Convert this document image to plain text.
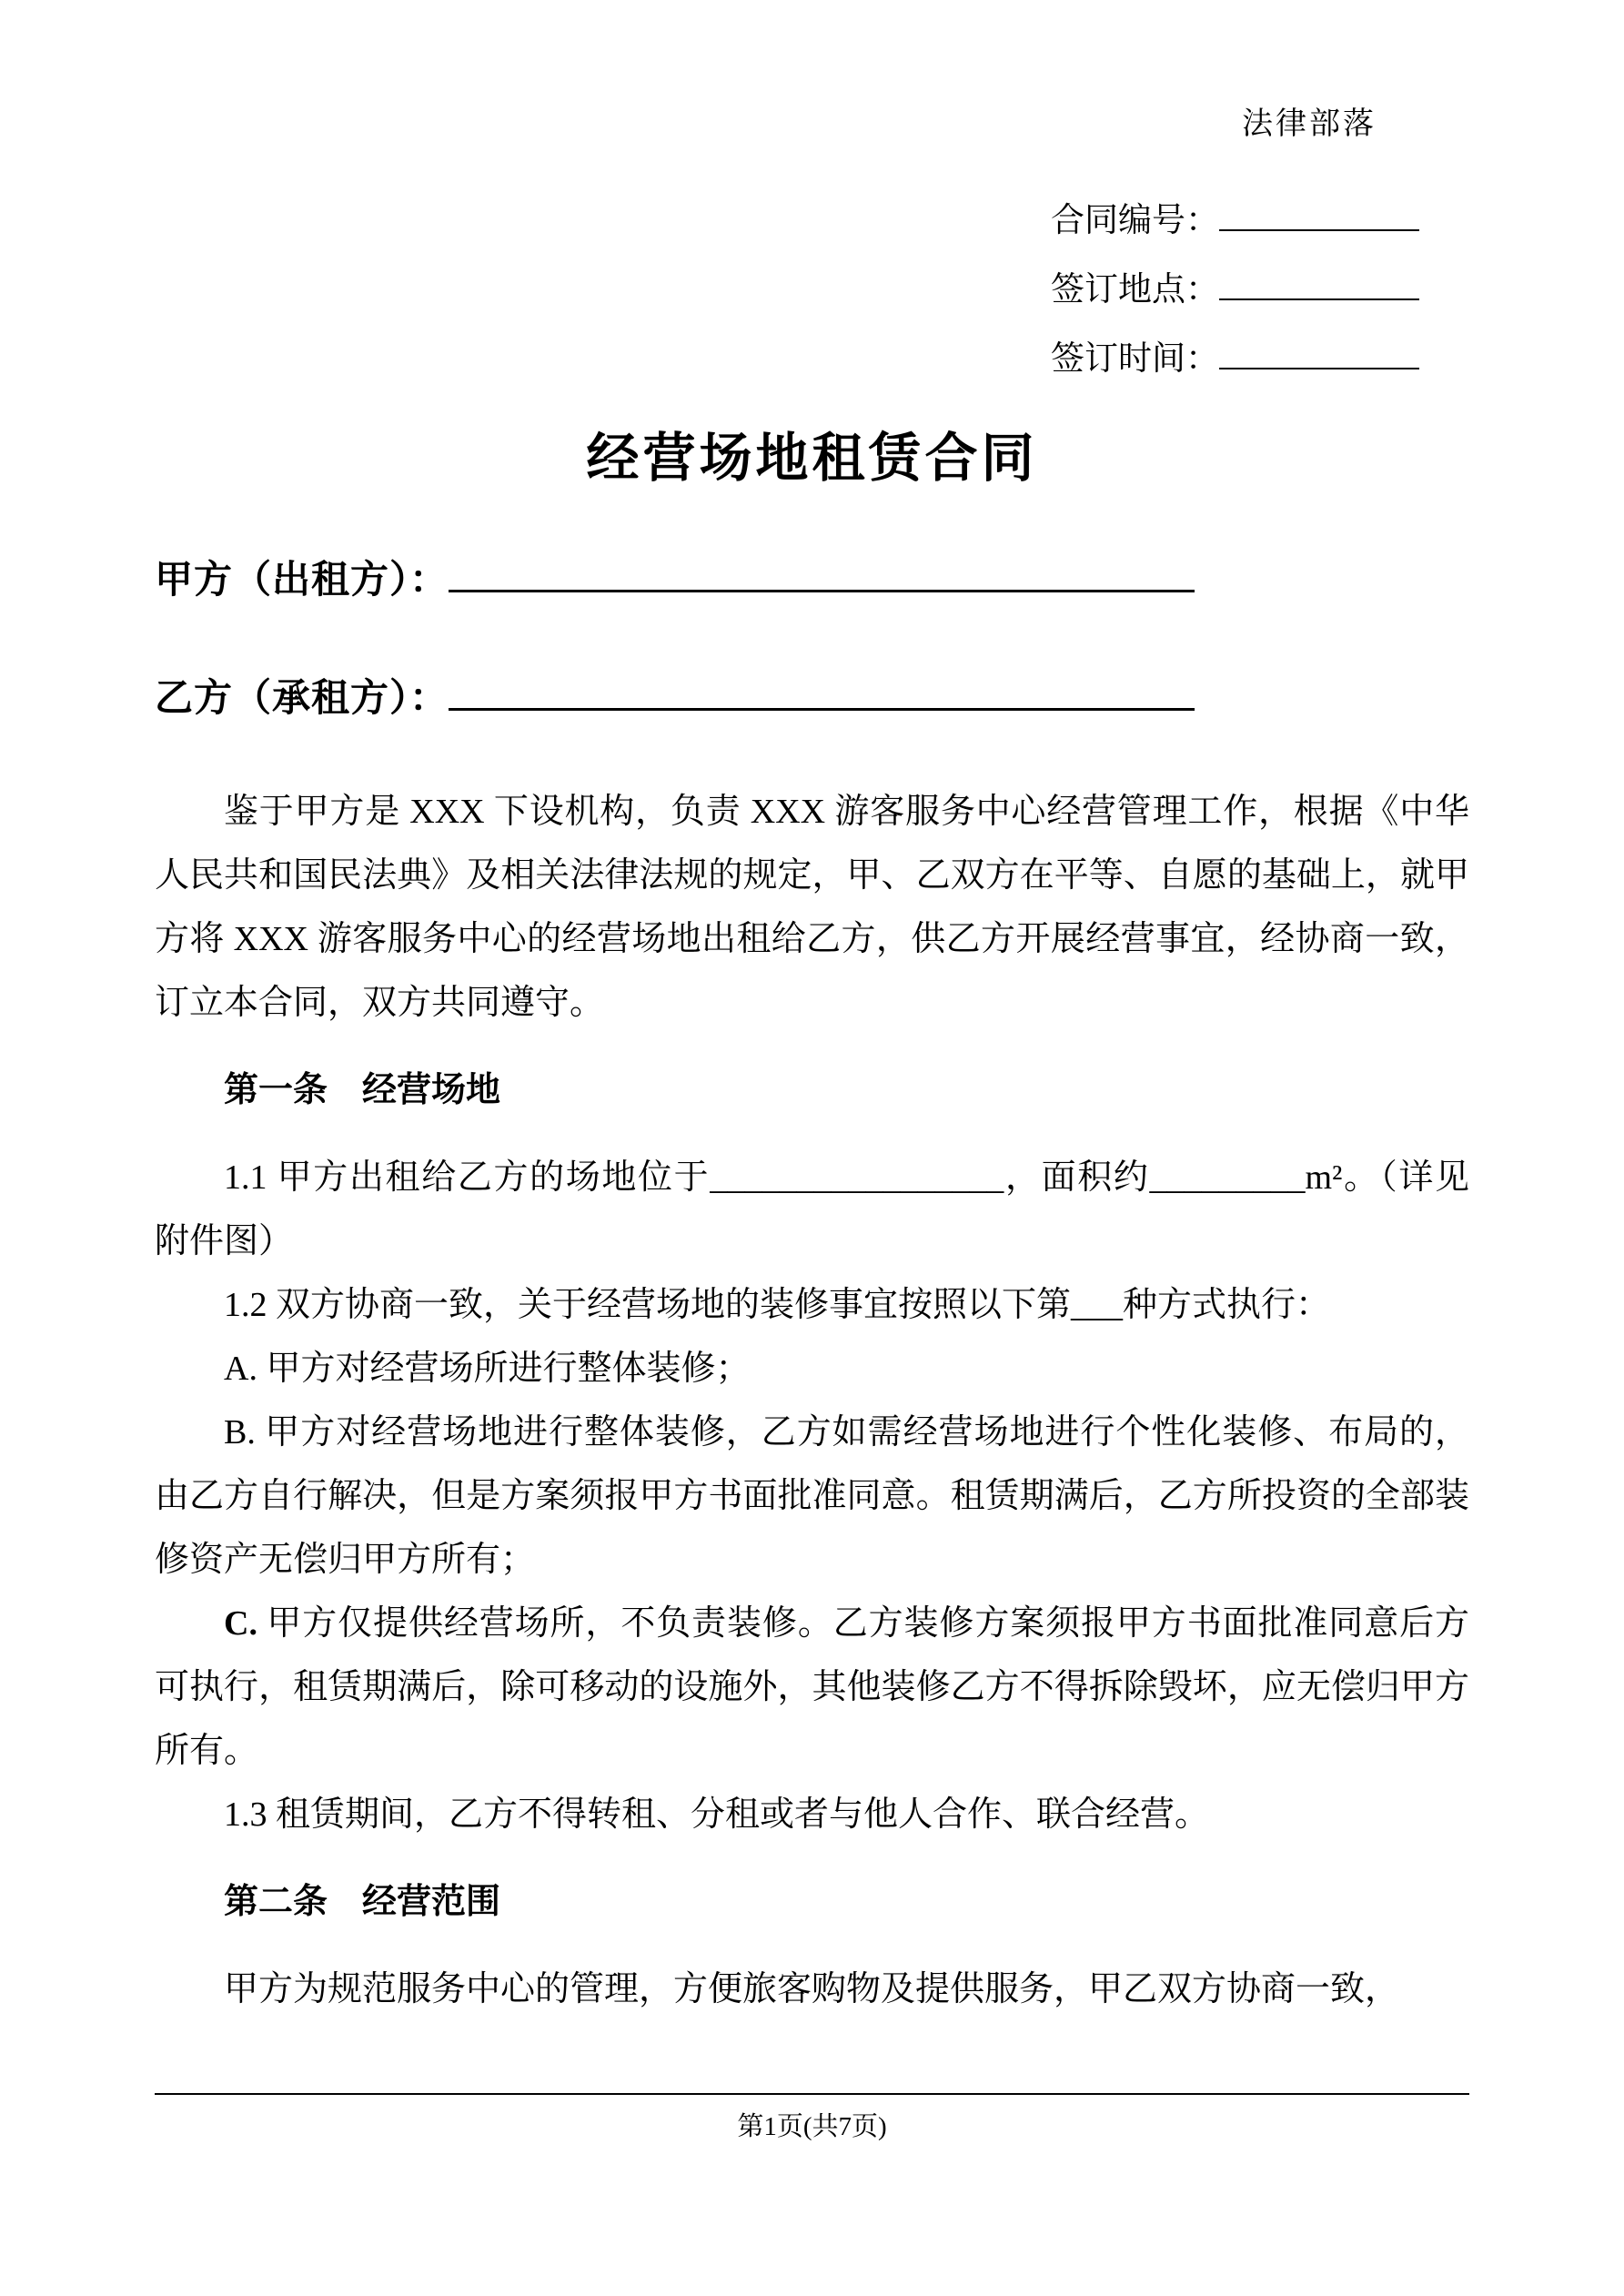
法律部落
合同编号：
签订地点：
签订时间：
经营场地租赁合同
甲方（出租方）：
乙方（承租方）：

鉴于甲方是 XXX 下设机构，负责 XXX 游客服务中心经营管理工作，根据《中华人民共和国民法典》及相关法律法规的规定，甲、乙双方在平等、自愿的基础上，就甲方将 XXX 游客服务中心的经营场地出租给乙方，供乙方开展经营事宜，经协商一致，订立本合同，双方共同遵守。

第一条　经营场地

1.1 甲方出租给乙方的场地位于_________________，面积约_________m²。（详见附件图）

1.2 双方协商一致，关于经营场地的装修事宜按照以下第___种方式执行：

A. 甲方对经营场所进行整体装修；

B. 甲方对经营场地进行整体装修，乙方如需经营场地进行个性化装修、布局的，由乙方自行解决，但是方案须报甲方书面批准同意。租赁期满后，乙方所投资的全部装修资产无偿归甲方所有；

C. 甲方仅提供经营场所，不负责装修。乙方装修方案须报甲方书面批准同意后方可执行，租赁期满后，除可移动的设施外，其他装修乙方不得拆除毁坏，应无偿归甲方所有。

1.3 租赁期间，乙方不得转租、分租或者与他人合作、联合经营。

第二条　经营范围

甲方为规范服务中心的管理，方便旅客购物及提供服务，甲乙双方协商一致，

第1页(共7页)
